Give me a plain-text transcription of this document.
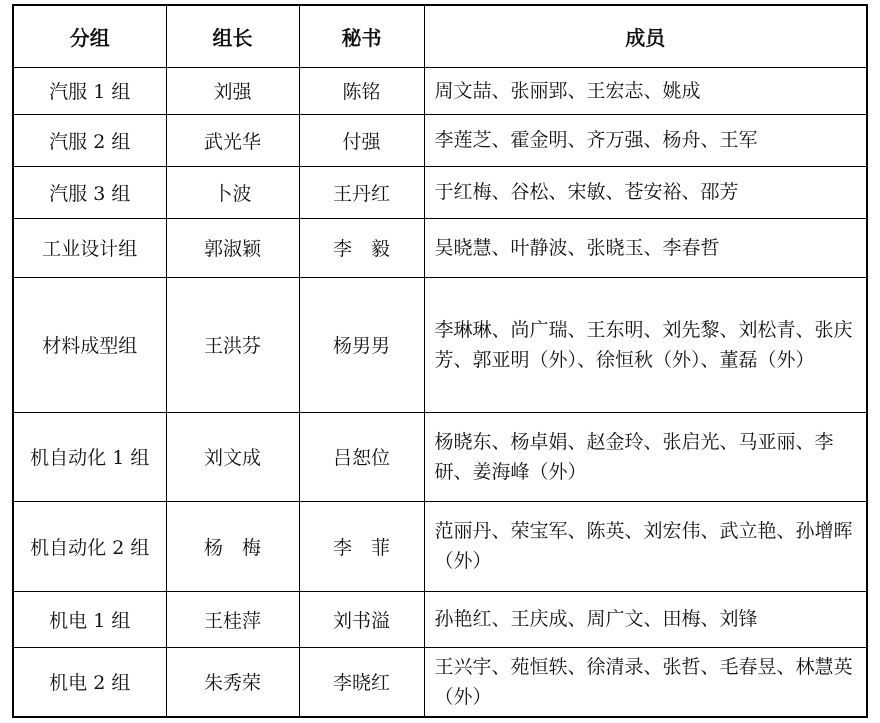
分组	组长	秘书	成员
汽服 1 组	刘强	陈铭	周文喆、张丽郢、王宏志、姚成
汽服 2 组	武光华	付强	李莲芝、霍金明、齐万强、杨舟、王军
汽服 3 组	卜波	王丹红	于红梅、谷松、宋敏、苍安裕、邵芳
工业设计组	郭淑颖	李　毅	吴晓慧、叶静波、张晓玉、李春哲
材料成型组	王洪芬	杨男男	李琳琳、尚广瑞、王东明、刘先黎、刘松青、张庆芳、郭亚明（外）、徐恒秋（外）、董磊（外）
机自动化 1 组	刘文成	吕恕位	杨晓东、杨卓娟、赵金玲、张启光、马亚丽、李研、姜海峰（外）
机自动化 2 组	杨　梅	李　菲	范丽丹、荣宝军、陈英、刘宏伟、武立艳、孙增晖（外）
机电 1 组	王桂萍	刘书溢	孙艳红、王庆成、周广文、田梅、刘锋
机电 2 组	朱秀荣	李晓红	王兴宇、苑恒轶、徐清录、张哲、毛春昱、林慧英（外）
